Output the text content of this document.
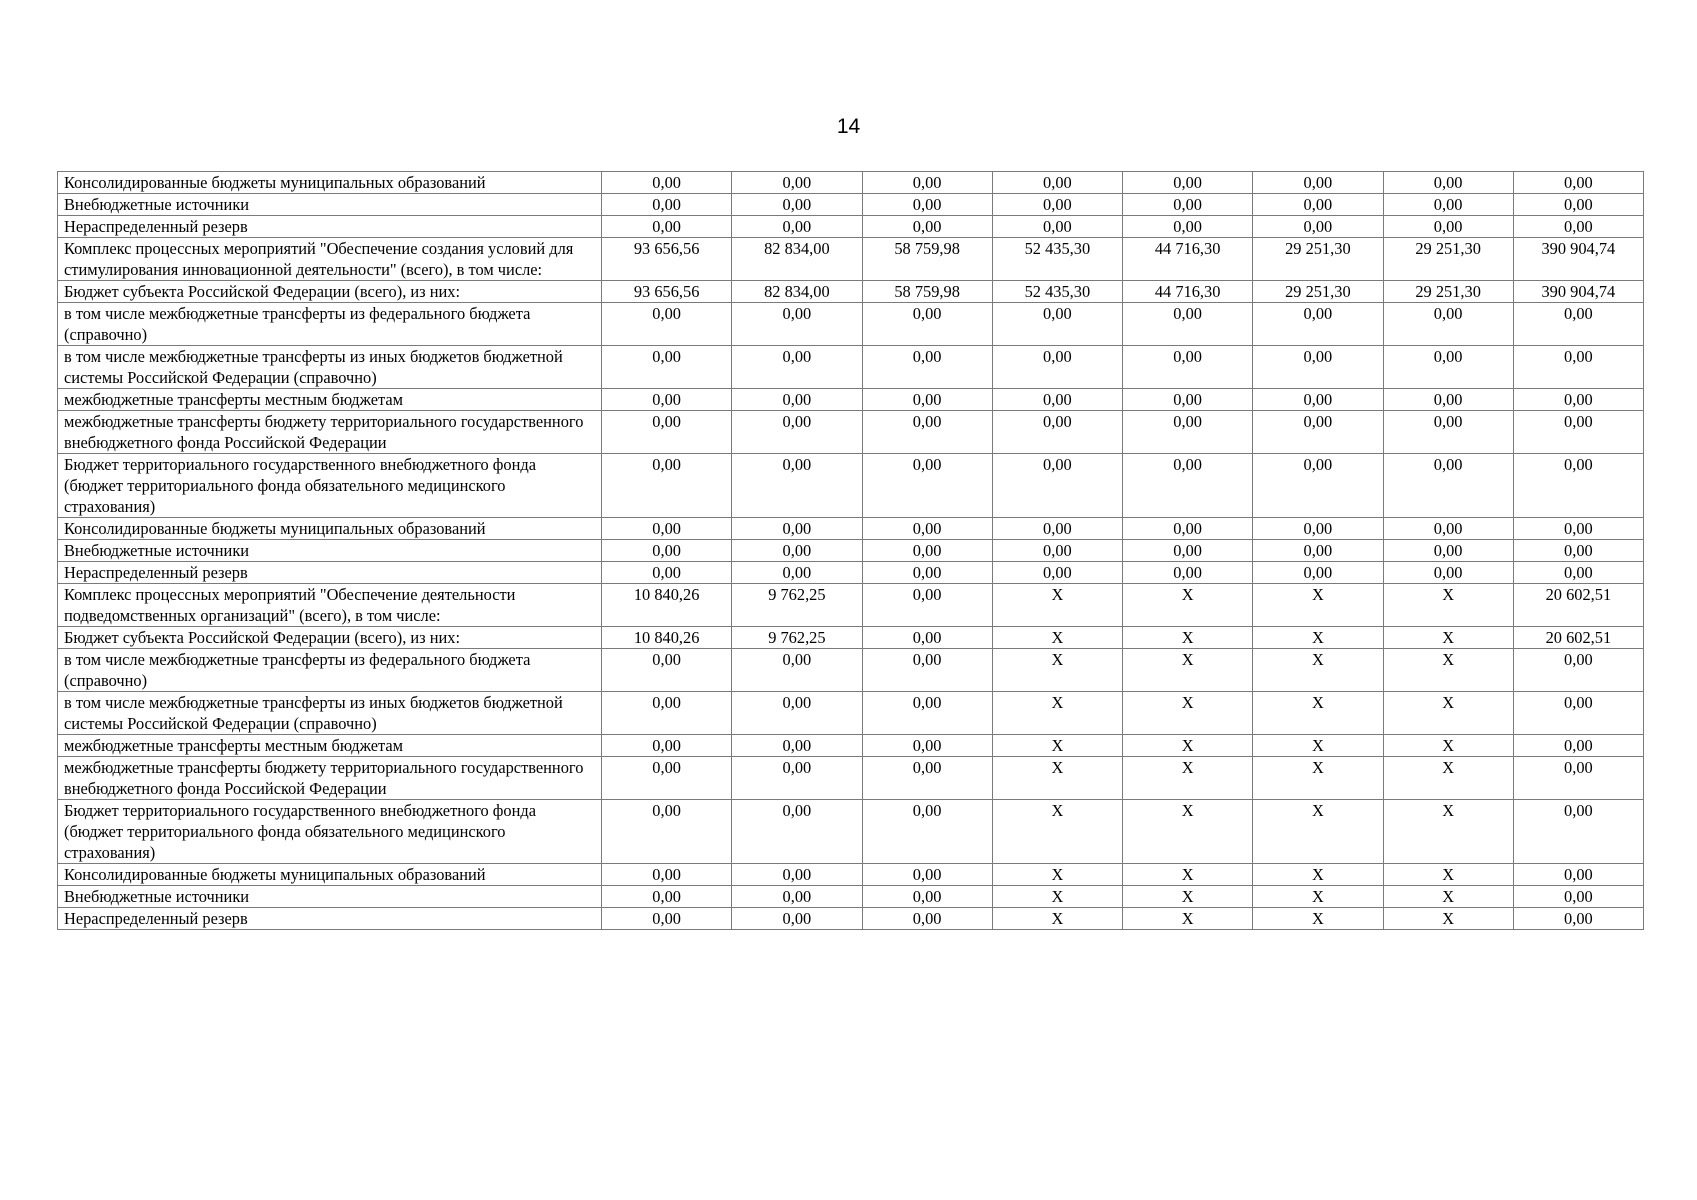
14
Консолидированные бюджеты муниципальных образований	0,00	0,00	0,00	0,00	0,00	0,00	0,00	0,00
Внебюджетные источники	0,00	0,00	0,00	0,00	0,00	0,00	0,00	0,00
Нераспределенный резерв	0,00	0,00	0,00	0,00	0,00	0,00	0,00	0,00
Комплекс процессных мероприятий "Обеспечение создания условий для стимулирования инновационной деятельности" (всего), в том числе:	93 656,56	82 834,00	58 759,98	52 435,30	44 716,30	29 251,30	29 251,30	390 904,74
Бюджет субъекта Российской Федерации (всего), из них:	93 656,56	82 834,00	58 759,98	52 435,30	44 716,30	29 251,30	29 251,30	390 904,74
в том числе межбюджетные трансферты из федерального бюджета (справочно)	0,00	0,00	0,00	0,00	0,00	0,00	0,00	0,00
в том числе межбюджетные трансферты из иных бюджетов бюджетной системы Российской Федерации (справочно)	0,00	0,00	0,00	0,00	0,00	0,00	0,00	0,00
межбюджетные трансферты местным бюджетам	0,00	0,00	0,00	0,00	0,00	0,00	0,00	0,00
межбюджетные трансферты бюджету территориального государственного внебюджетного фонда Российской Федерации	0,00	0,00	0,00	0,00	0,00	0,00	0,00	0,00
Бюджет территориального государственного внебюджетного фонда (бюджет территориального фонда обязательного медицинского страхования)	0,00	0,00	0,00	0,00	0,00	0,00	0,00	0,00
Консолидированные бюджеты муниципальных образований	0,00	0,00	0,00	0,00	0,00	0,00	0,00	0,00
Внебюджетные источники	0,00	0,00	0,00	0,00	0,00	0,00	0,00	0,00
Нераспределенный резерв	0,00	0,00	0,00	0,00	0,00	0,00	0,00	0,00
Комплекс процессных мероприятий "Обеспечение деятельности подведомственных организаций" (всего), в том числе:	10 840,26	9 762,25	0,00	X	X	X	X	20 602,51
Бюджет субъекта Российской Федерации (всего), из них:	10 840,26	9 762,25	0,00	X	X	X	X	20 602,51
в том числе межбюджетные трансферты из федерального бюджета (справочно)	0,00	0,00	0,00	X	X	X	X	0,00
в том числе межбюджетные трансферты из иных бюджетов бюджетной системы Российской Федерации (справочно)	0,00	0,00	0,00	X	X	X	X	0,00
межбюджетные трансферты местным бюджетам	0,00	0,00	0,00	X	X	X	X	0,00
межбюджетные трансферты бюджету территориального государственного внебюджетного фонда Российской Федерации	0,00	0,00	0,00	X	X	X	X	0,00
Бюджет территориального государственного внебюджетного фонда (бюджет территориального фонда обязательного медицинского страхования)	0,00	0,00	0,00	X	X	X	X	0,00
Консолидированные бюджеты муниципальных образований	0,00	0,00	0,00	X	X	X	X	0,00
Внебюджетные источники	0,00	0,00	0,00	X	X	X	X	0,00
Нераспределенный резерв	0,00	0,00	0,00	X	X	X	X	0,00
